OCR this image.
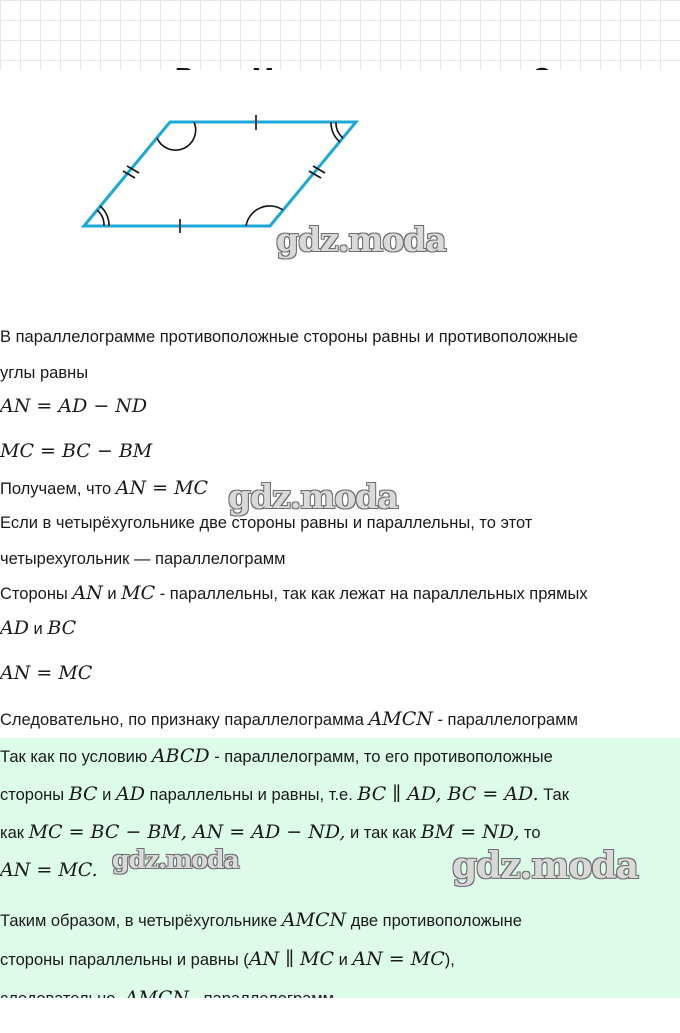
gdz.moda
В параллелограмме противоположные стороны равны и противоположные
углы равны
AN = AD − ND
MC = BC − BM
Получаем, что AN = MC gdz.moda
Если в четырёхугольнике две стороны равны и параллельны, то этот
четырехугольник — параллелограмм
Стороны AN и MC - параллельны, так как лежат на параллельных прямых
AD и BC
AN = MC
Следовательно, по признаку параллелограмма AMCN - параллелограмм
Так как по условию ABCD - параллелограмм, то его противоположные
стороны BC и AD параллельны и равны, т.е. BC ∥ AD, BC = AD. Так
как MC = BC − BM, AN = AD − ND, и так как BM = ND, то
AN = MC. gdz.moda	gdz.moda
Таким образом, в четырёхугольнике AMCN две противоположыне
стороны параллельны и равны (AN ∥ MC и AN = MC),
